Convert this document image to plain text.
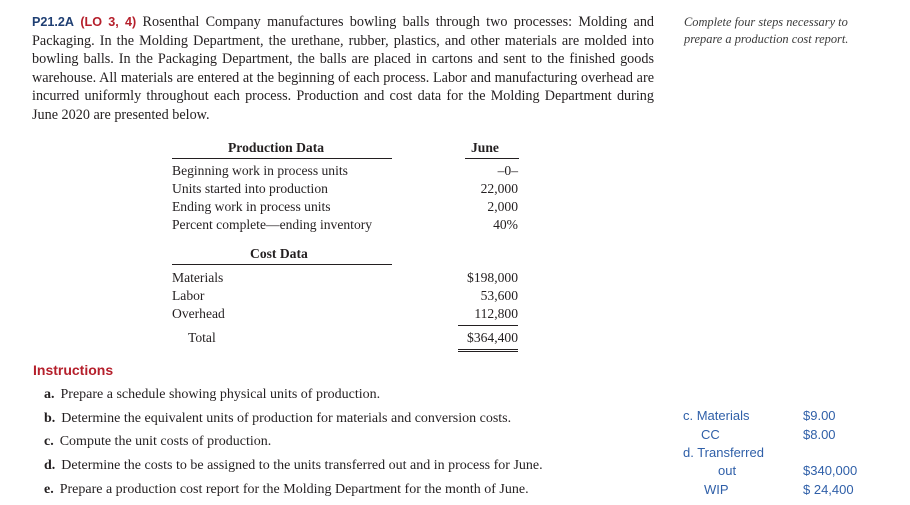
P21.2A (LO 3, 4) Rosenthal Company manufactures bowling balls through two processes: Molding and Packaging. In the Molding Department, the urethane, rubber, plastics, and other materials are molded into bowling balls. In the Packaging Department, the balls are placed in cartons and sent to the finished goods warehouse. All materials are entered at the beginning of each process. Labor and manufacturing overhead are incurred uniformly throughout each process. Production and cost data for the Molding Department during June 2020 are presented below.
Complete four steps necessary to prepare a production cost report.
Production Data	June
Beginning work in process units	–0–
Units started into production	22,000
Ending work in process units	2,000
Percent complete—ending inventory	40%
Cost Data
Materials	$198,000
Labor	53,600
Overhead	112,800
Total	$364,400
Instructions
a. Prepare a schedule showing physical units of production.
b. Determine the equivalent units of production for materials and conversion costs.
c. Compute the unit costs of production.
d. Determine the costs to be assigned to the units transferred out and in process for June.
e. Prepare a production cost report for the Molding Department for the month of June.
c. Materials	$9.00
CC	$8.00
d. Transferred
out	$340,000
WIP	$ 24,400
